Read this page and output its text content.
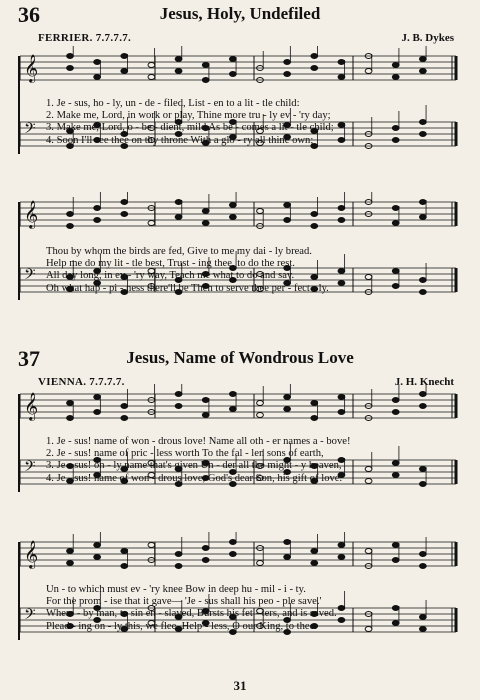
36	Jesus, Holy, Undefiled
FERRIER. 7.7.7.7.	J. B. Dykes
𝄞
𝄢
1. Je - sus, ho - ly, un - de - filed, List - en to a lit - tle child:
2. Make me, Lord, in work or play, Thine more tru - ly ev - 'ry day;
3. Make me, Lord, o - be - dient, mild As be - comes a lit - tle child;
4. Soon I'll see thee on thy throne With a glo - ry all thine own;
𝄞
𝄢
Thou by whom the birds are fed, Give to me my dai - ly bread.
Help me do my lit - tle best, Trust - ing thee, to do the rest.
All day long, in ev - 'ry way, Teach me what to do and say.
Oh what hap - pi - ness there'll be Then to serve thee per - fect - ly.
37	Jesus, Name of Wondrous Love
VIENNA. 7.7.7.7.	J. H. Knecht
𝄞
𝄢
1. Je - sus! name of won - drous love! Name all oth - er names a - bove!
2. Je - sus! name of pric - less worth To the fal - len sons of earth,
3. Je - sus! on - ly name that's given Un - der all the might - y heaven,
4. Je - sus! name of won - drous love, God's dear Son, his gift of love.
𝄞
𝄢
Un - to which must ev - 'ry knee Bow in deep hu - mil - i - ty.
For the prom - ise that it gave— 'Je - sus shall his peo - ple save.'
Where - by man, to sin en - slaved, Bursts his fet - ters, and is saved.
Plead - ing on - ly this, we flee, Help - less, O our King, to thee.
31
